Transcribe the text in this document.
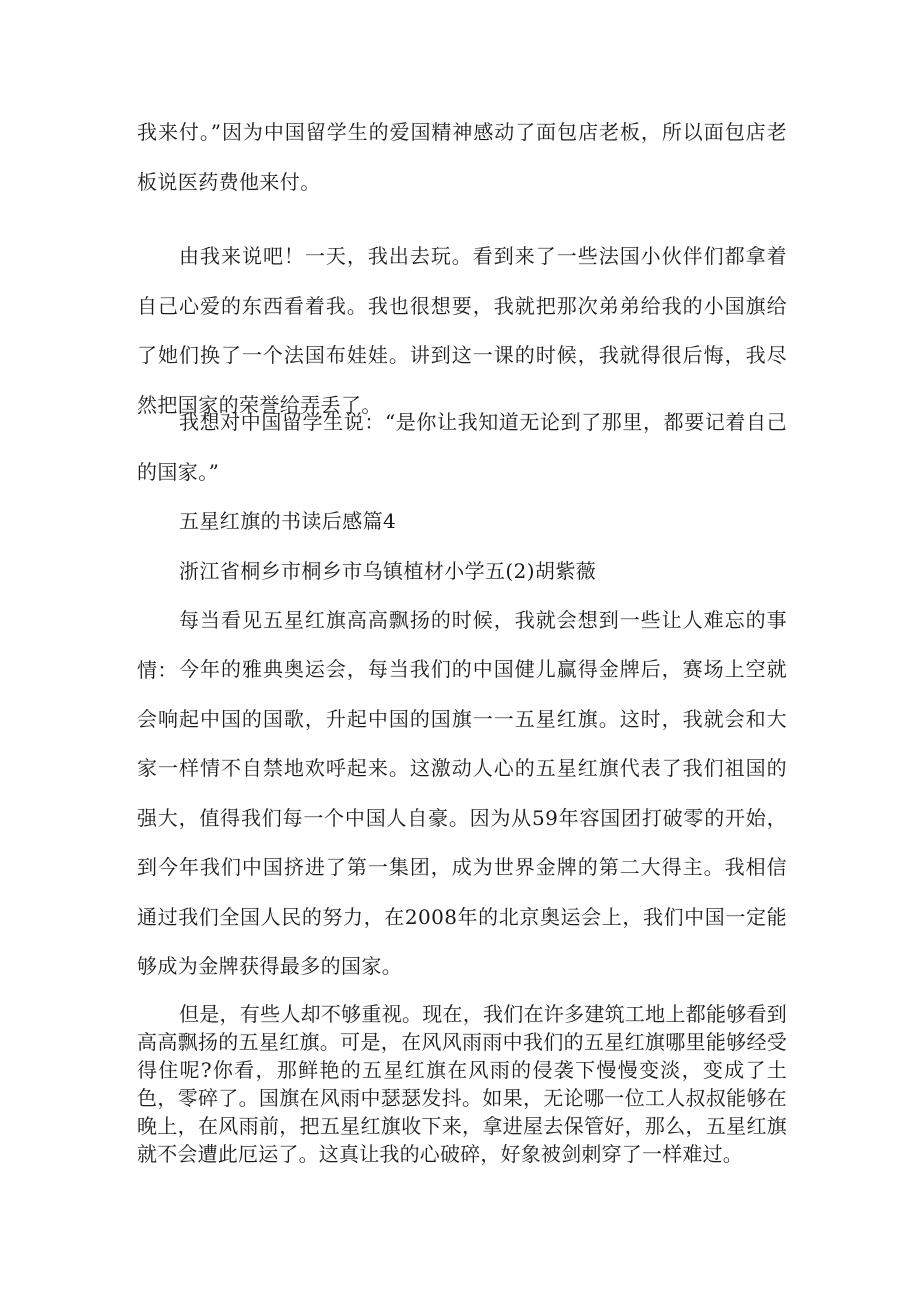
我来付。”因为中国留学生的爱国精神感动了面包店老板，所以面包店老板说医药费他来付。

由我来说吧！一天，我出去玩。看到来了一些法国小伙伴们都拿着自己心爱的东西看着我。我也很想要，我就把那次弟弟给我的小国旗给了她们换了一个法国布娃娃。讲到这一课的时候，我就得很后悔，我尽然把国家的荣誉给弄丢了。

我想对中国留学生说：“是你让我知道无论到了那里，都要记着自己的国家。”

五星红旗的书读后感篇4

浙江省桐乡市桐乡市乌镇植材小学五(2)胡紫薇

每当看见五星红旗高高飘扬的时候，我就会想到一些让人难忘的事情： 今年的雅典奥运会，每当我们的中国健儿赢得金牌后，赛场上空就会响起中国的国歌，升起中国的国旗一一五星红旗。这时，我就会和大家一样情不自禁地欢呼起来。这激动人心的五星红旗代表了我们祖国的强大，值得我们每一个中国人自豪。因为从59年容国团打破零的开始，到今年我们中国挤进了第一集团，成为世界金牌的第二大得主。我相信通过我们全国人民的努力，在2008年的北京奥运会上，我们中国一定能够成为金牌获得最多的国家。

但是，有些人却不够重视。现在，我们在许多建筑工地上都能够看到高高飘扬的五星红旗。可是，在风风雨雨中我们的五星红旗哪里能够经受得住呢?你看，那鲜艳的五星红旗在风雨的侵袭下慢慢变淡，变成了土色，零碎了。国旗在风雨中瑟瑟发抖。如果，无论哪一位工人叔叔能够在晚上，在风雨前，把五星红旗收下来，拿进屋去保管好，那么，五星红旗就不会遭此厄运了。这真让我的心破碎，好象被剑刺穿了一样难过。
